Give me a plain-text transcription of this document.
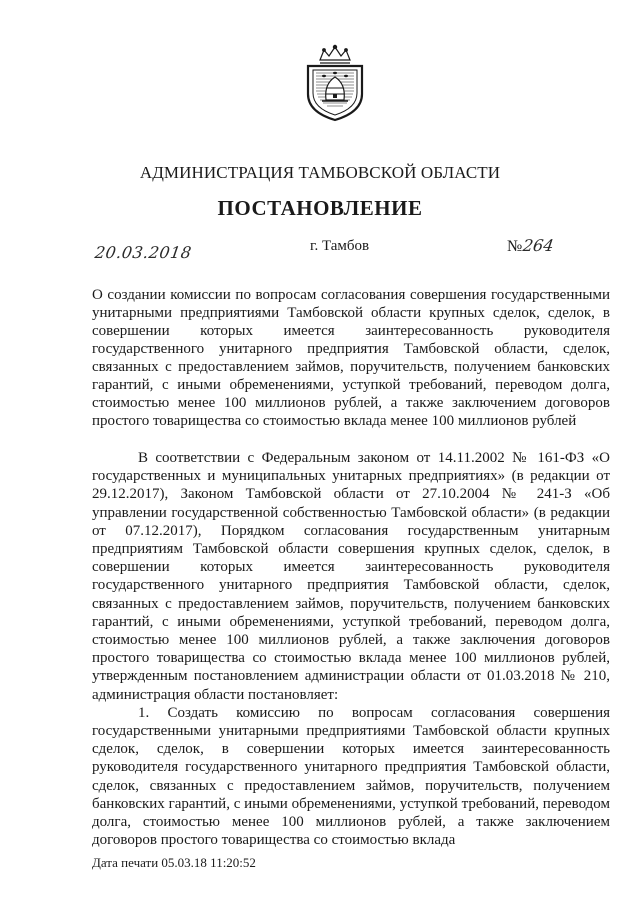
АДМИНИСТРАЦИЯ ТАМБОВСКОЙ ОБЛАСТИ
ПОСТАНОВЛЕНИЕ
20.03.2018	г. Тамбов	№264
О создании комиссии по вопросам согласования совершения государственными унитарными предприятиями Тамбовской области крупных сделок, сделок, в совершении которых имеется заинтересованность руководителя государственного унитарного предприятия Тамбовской области, сделок, связанных с предоставлением займов, поручительств, получением банковских гарантий, с иными обременениями, уступкой требований, переводом долга, стоимостью менее 100 миллионов рублей, а также заключением договоров простого товарищества со стоимостью вклада менее 100 миллионов рублей

В соответствии с Федеральным законом от 14.11.2002 № 161-ФЗ «О государственных и муниципальных унитарных предприятиях» (в редакции от 29.12.2017), Законом Тамбовской области от 27.10.2004 № 241-З «Об управлении государственной собственностью Тамбовской области» (в редакции от 07.12.2017), Порядком согласования государственным унитарным предприятиям Тамбовской области совершения крупных сделок, сделок, в совершении которых имеется заинтересованность руководителя государственного унитарного предприятия Тамбовской области, сделок, связанных с предоставлением займов, поручительств, получением банковских гарантий, с иными обременениями, уступкой требований, переводом долга, стоимостью менее 100 миллионов рублей, а также заключения договоров простого товарищества со стоимостью вклада менее 100 миллионов рублей, утвержденным постановлением администрации области от 01.03.2018 № 210, администрация области постановляет:

1. Создать комиссию по вопросам согласования совершения государственными унитарными предприятиями Тамбовской области крупных сделок, сделок, в совершении которых имеется заинтересованность руководителя государственного унитарного предприятия Тамбовской области, сделок, связанных с предоставлением займов, поручительств, получением банковских гарантий, с иными обременениями, уступкой требований, переводом долга, стоимостью менее 100 миллионов рублей, а также заключением договоров простого товарищества со стоимостью вклада

Дата печати 05.03.18 11:20:52
